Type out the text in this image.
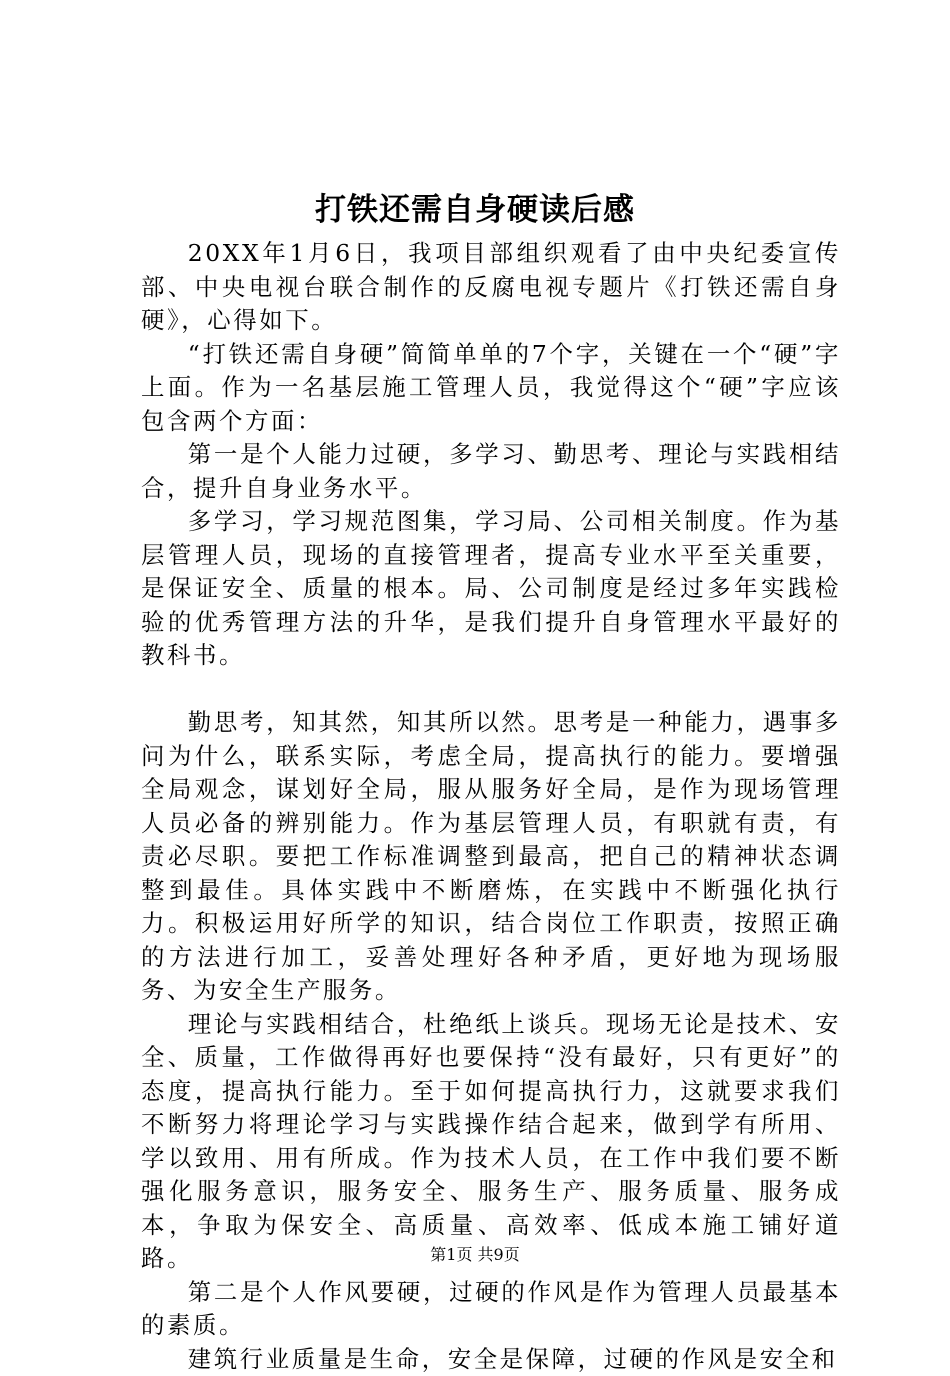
打铁还需自身硬读后感

20XX年1月6日，我项目部组织观看了由中央纪委宣传部、中央电视台联合制作的反腐电视专题片《打铁还需自身硬》，心得如下。

“打铁还需自身硬”简简单单的7个字，关键在一个“硬”字上面。作为一名基层施工管理人员，我觉得这个“硬”字应该包含两个方面：

第一是个人能力过硬，多学习、勤思考、理论与实践相结合，提升自身业务水平。

多学习，学习规范图集，学习局、公司相关制度。作为基层管理人员，现场的直接管理者，提高专业水平至关重要，是保证安全、质量的根本。局、公司制度是经过多年实践检验的优秀管理方法的升华，是我们提升自身管理水平最好的教科书。

勤思考，知其然，知其所以然。思考是一种能力，遇事多问为什么，联系实际，考虑全局，提高执行的能力。要增强全局观念，谋划好全局，服从服务好全局，是作为现场管理人员必备的辨别能力。作为基层管理人员，有职就有责，有责必尽职。要把工作标准调整到最高，把自己的精神状态调整到最佳。具体实践中不断磨炼，在实践中不断强化执行力。积极运用好所学的知识，结合岗位工作职责，按照正确的方法进行加工，妥善处理好各种矛盾，更好地为现场服务、为安全生产服务。

理论与实践相结合，杜绝纸上谈兵。现场无论是技术、安全、质量，工作做得再好也要保持“没有最好，只有更好”的态度，提高执行能力。至于如何提高执行力，这就要求我们不断努力将理论学习与实践操作结合起来，做到学有所用、学以致用、用有所成。作为技术人员，在工作中我们要不断强化服务意识，服务安全、服务生产、服务质量、服务成本，争取为保安全、高质量、高效率、低成本施工铺好道路。

第二是个人作风要硬，过硬的作风是作为管理人员最基本的素质。

建筑行业质量是生命，安全是保障，过硬的作风是安全和

第1页 共9页
